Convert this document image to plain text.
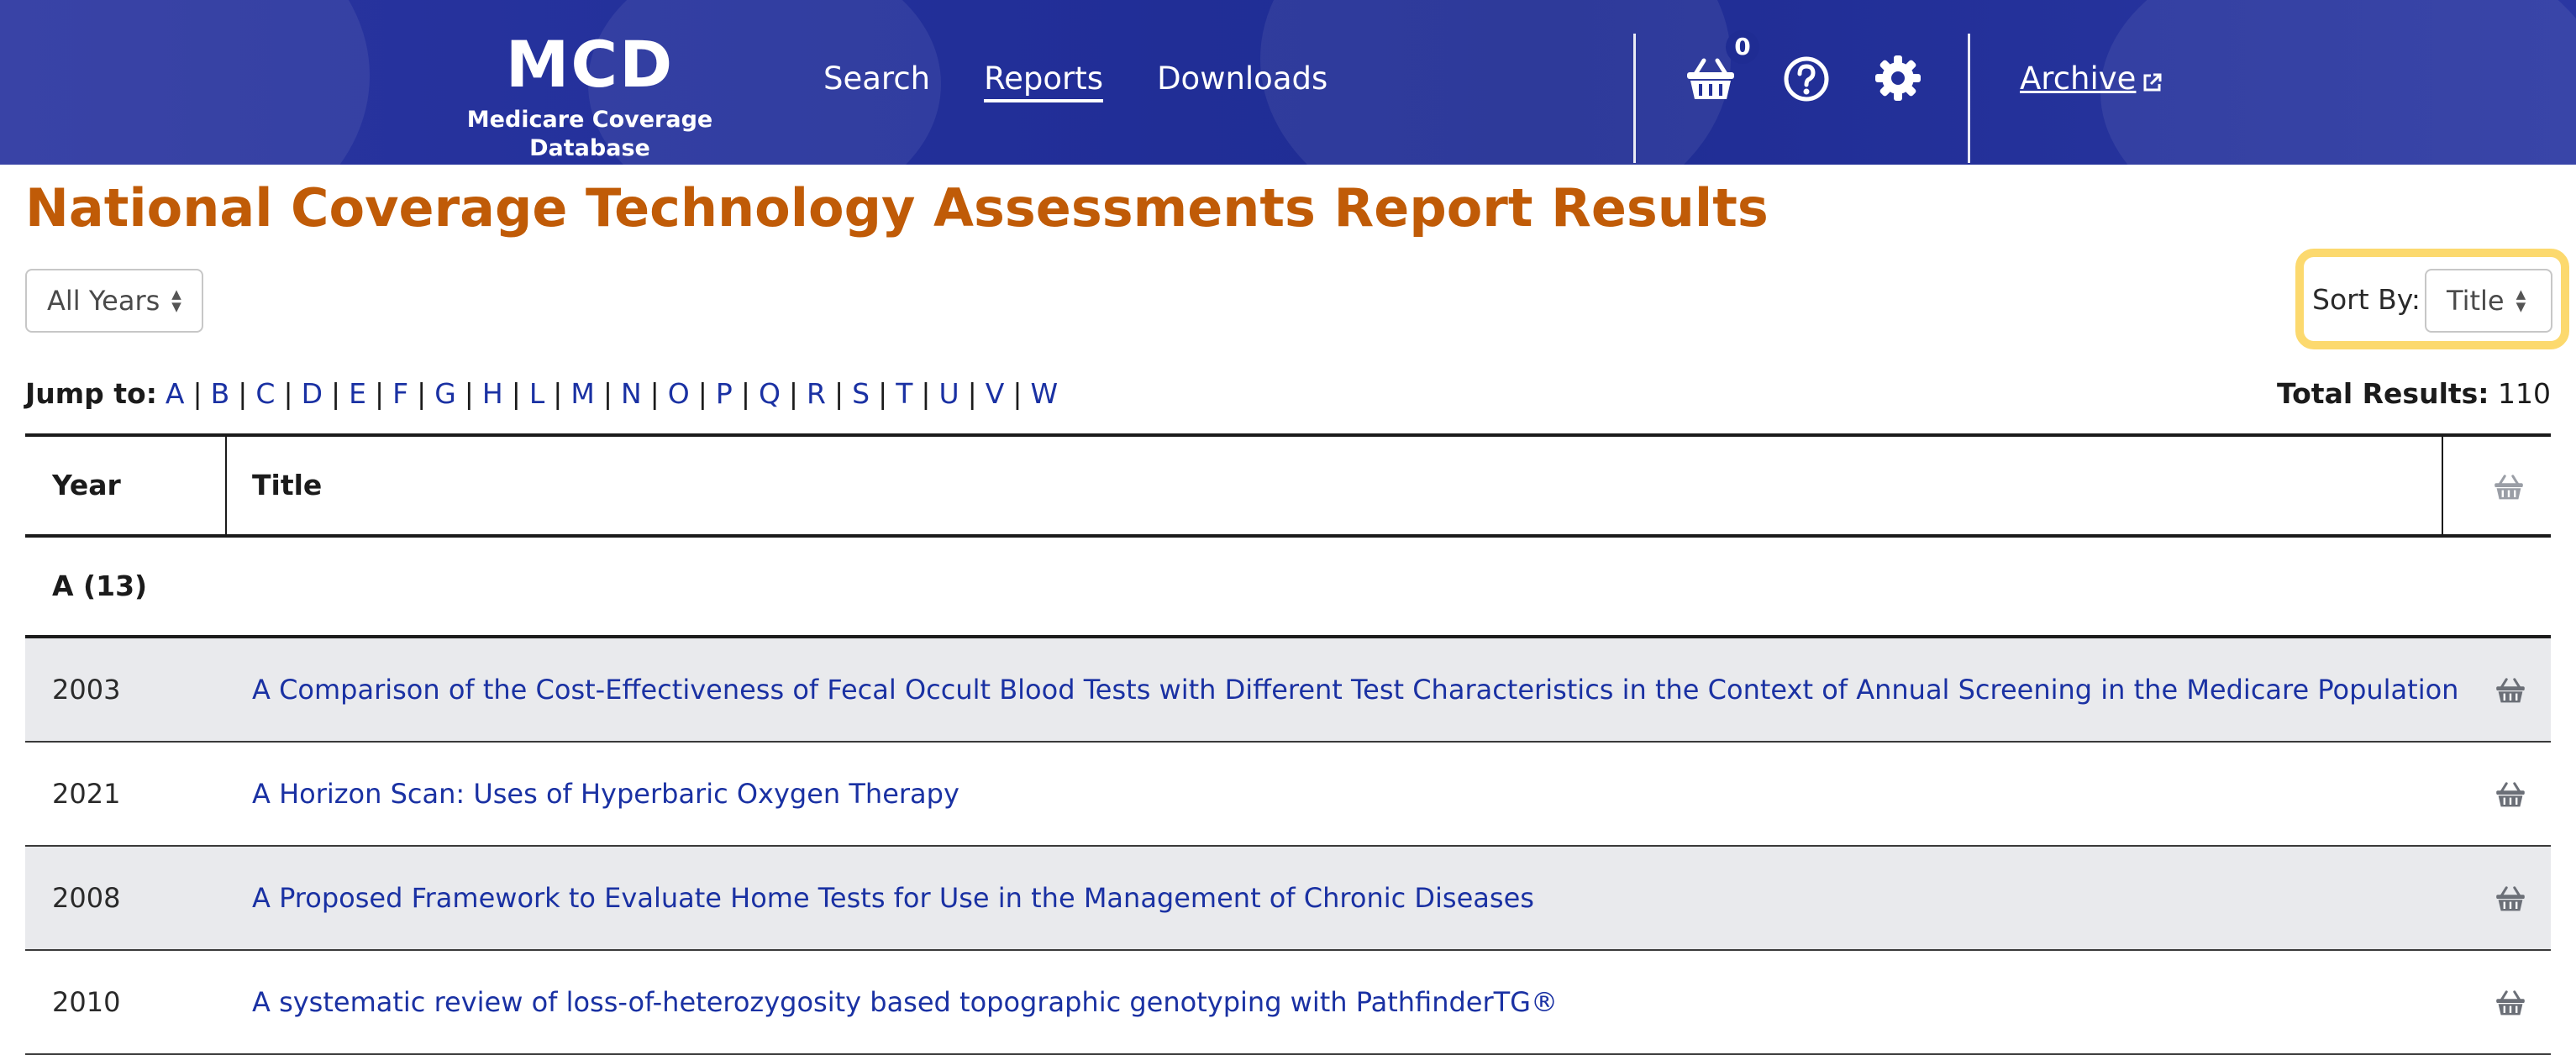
MCD
Medicare Coverage Database
Search Reports Downloads
0
Archive
National Coverage Technology Assessments Report Results
All Years ▲
▼	Sort By: Title ▲
▼
Jump to: A | B | C | D | E | F | G | H | L | M | N | O | P | Q | R | S | T | U | V | W	Total Results: 110
Year	Title
A (13)
2003	A Comparison of the Cost-Effectiveness of Fecal Occult Blood Tests with Different Test Characteristics in the Context of Annual Screening in the Medicare Population
2021	A Horizon Scan: Uses of Hyperbaric Oxygen Therapy
2008	A Proposed Framework to Evaluate Home Tests for Use in the Management of Chronic Diseases
2010	A systematic review of loss-of-heterozygosity based topographic genotyping with PathfinderTG®
